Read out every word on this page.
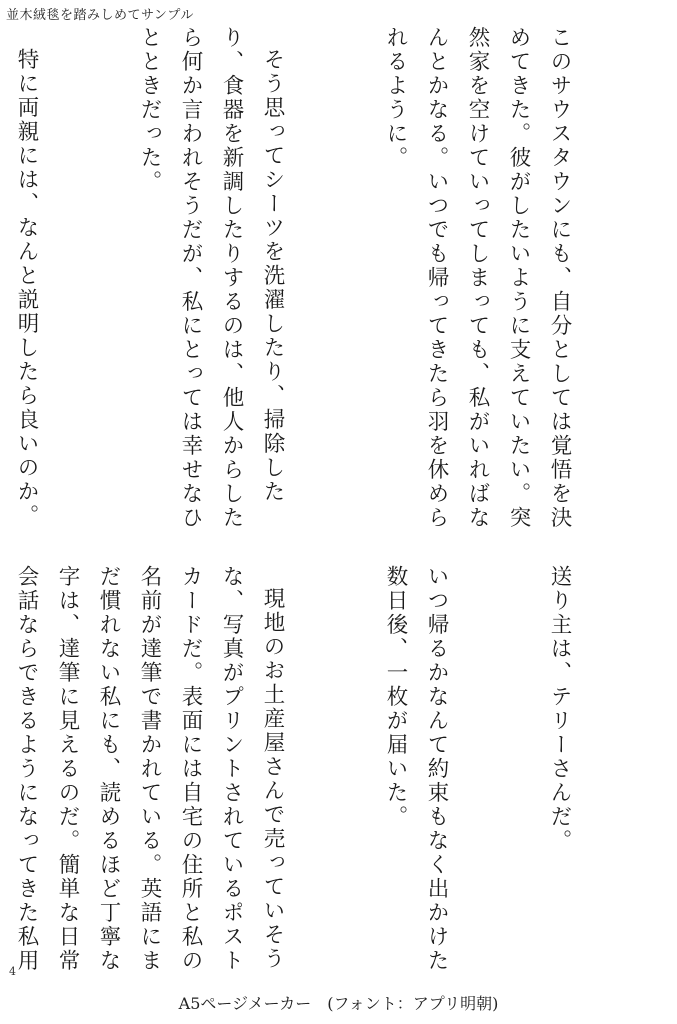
並木絨毯を踏みしめてサンプル

このサウスタウンにも、自分としては覚悟を決めてきた。彼がしたいように支えていたい。突然家を空けていってしまっても、私がいればなんとかなる。いつでも帰ってきたら羽を休められるように。

そう思ってシーツを洗濯したり、掃除したり、食器を新調したりするのは、他人からしたら何か言われそうだが、私にとっては幸せなひとときだった。

特に両親には、なんと説明したら良いのか。

送り主は、テリーさんだ。

いつ帰るかなんて約束もなく出かけた数日後、一枚が届いた。

現地のお土産屋さんで売っていそうな、写真がプリントされているポストカードだ。表面には自宅の住所と私の名前が達筆で書かれている。英語にまだ慣れない私にも、読めるほど丁寧な字は、達筆に見えるのだ。簡単な日常会話ならできるようになってきた私用

4
A5ページメーカー　(フォント：アプリ明朝)
